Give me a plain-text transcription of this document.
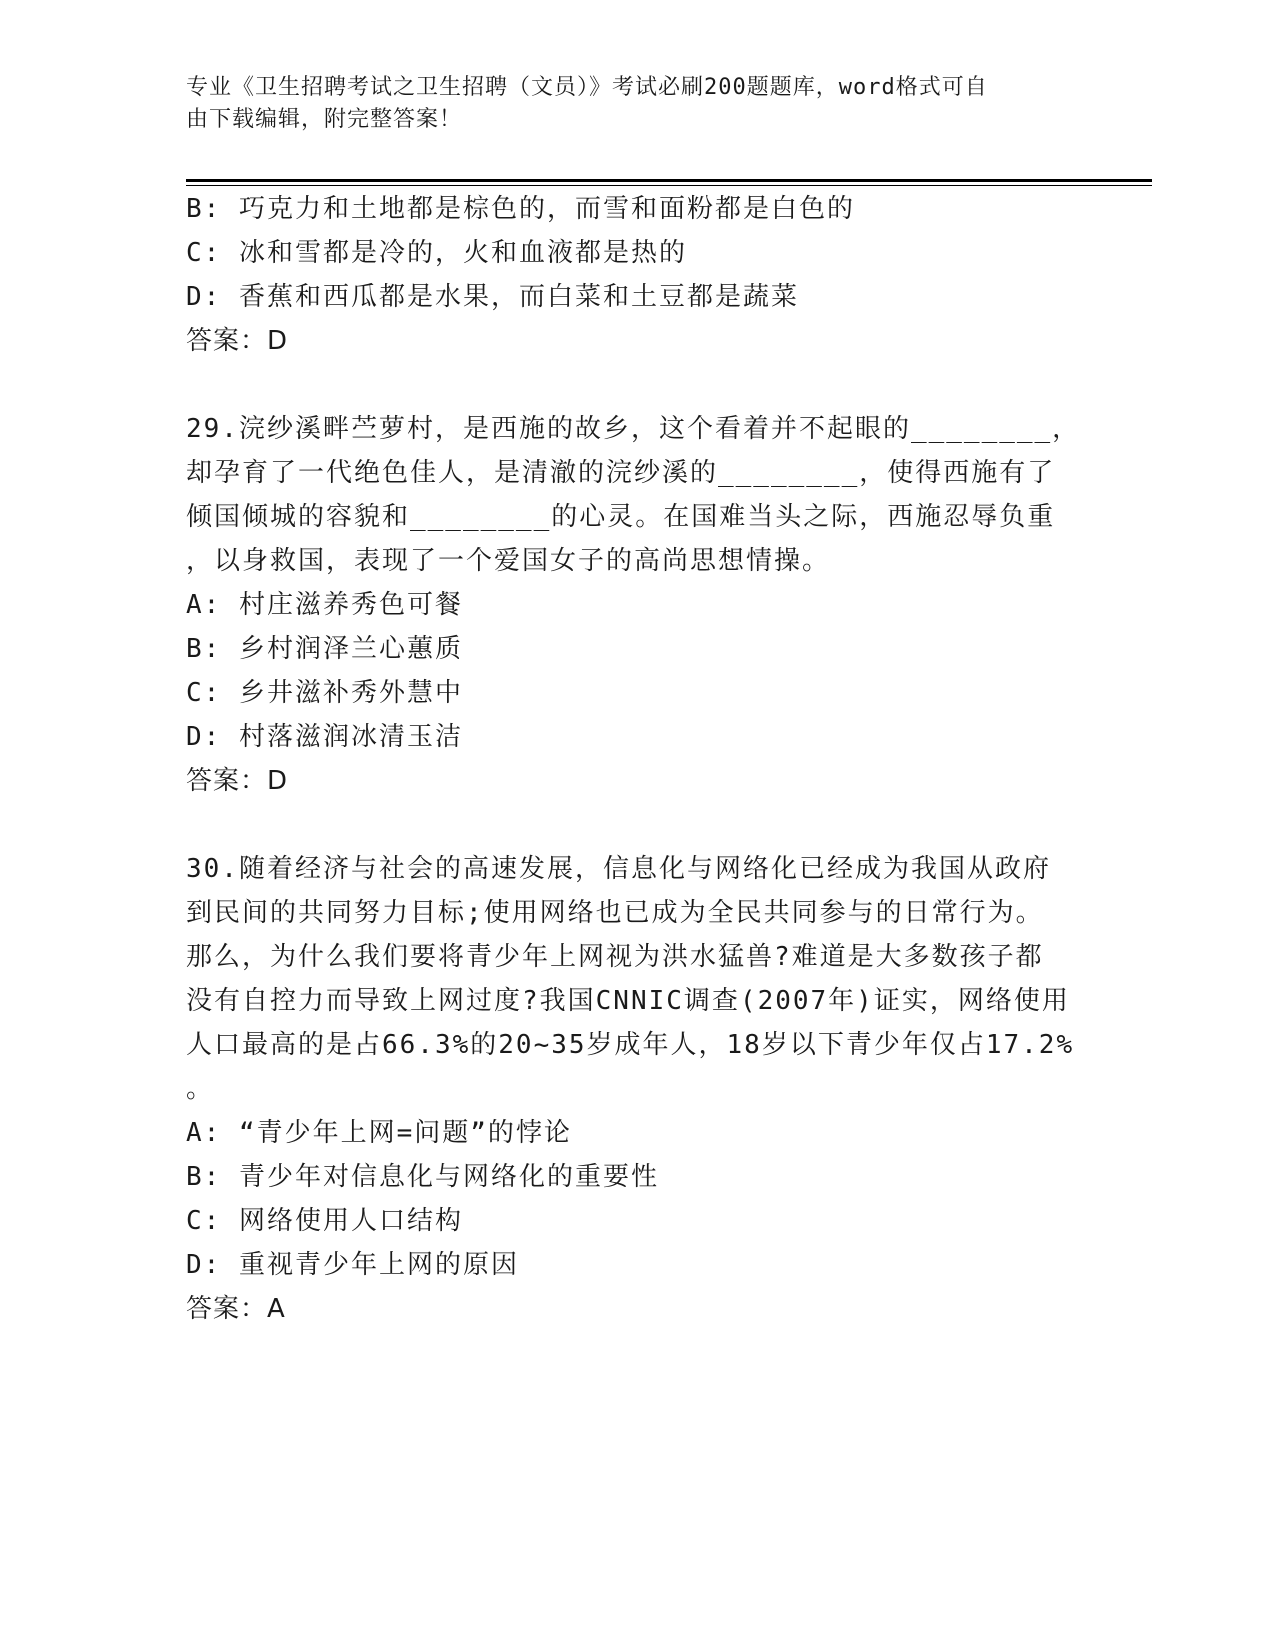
专业《卫生招聘考试之卫生招聘（文员）》考试必刷200题题库，word格式可自
由下载编辑，附完整答案！
B: 巧克力和土地都是棕色的，而雪和面粉都是白色的
C: 冰和雪都是冷的，火和血液都是热的
D: 香蕉和西瓜都是水果，而白菜和土豆都是蔬菜
答案：D
29.浣纱溪畔苎萝村，是西施的故乡，这个看着并不起眼的________，
却孕育了一代绝色佳人，是清澈的浣纱溪的________，使得西施有了
倾国倾城的容貌和________的心灵。在国难当头之际，西施忍辱负重
，以身救国，表现了一个爱国女子的高尚思想情操。
A: 村庄滋养秀色可餐
B: 乡村润泽兰心蕙质
C: 乡井滋补秀外慧中
D: 村落滋润冰清玉洁
答案：D
30.随着经济与社会的高速发展，信息化与网络化已经成为我国从政府
到民间的共同努力目标;使用网络也已成为全民共同参与的日常行为。
那么，为什么我们要将青少年上网视为洪水猛兽?难道是大多数孩子都
没有自控力而导致上网过度?我国CNNIC调查(2007年)证实，网络使用
人口最高的是占66.3%的20~35岁成年人，18岁以下青少年仅占17.2%
。
A: “青少年上网=问题”的悖论
B: 青少年对信息化与网络化的重要性
C: 网络使用人口结构
D: 重视青少年上网的原因
答案：A
